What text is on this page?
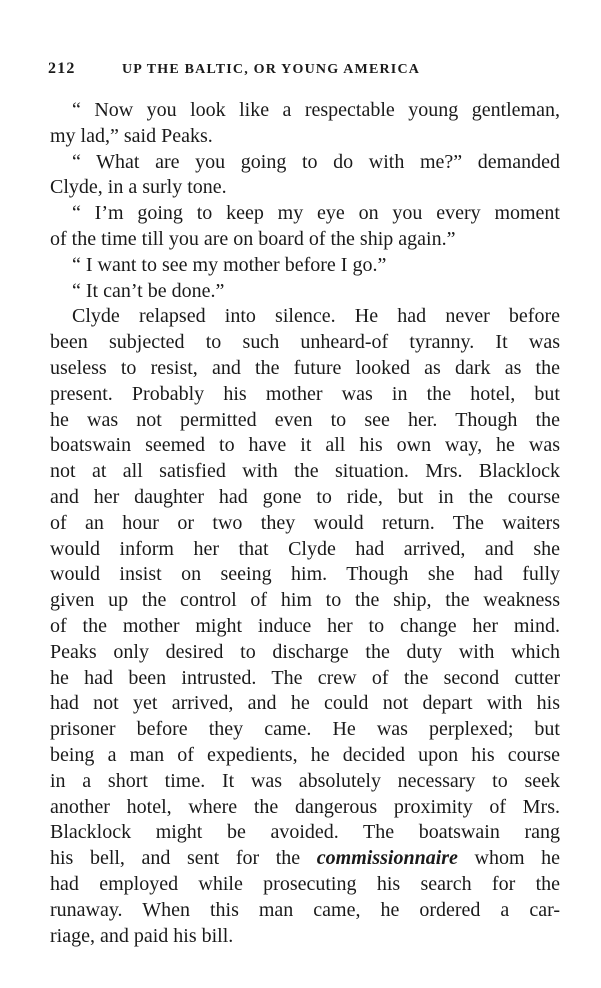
212	UP THE BALTIC, OR YOUNG AMERICA
“ Now you look like a respectable young gentleman,
my lad,” said Peaks.
“ What are you going to do with me?” demanded
Clyde, in a surly tone.
“ I’m going to keep my eye on you every moment
of the time till you are on board of the ship again.”
“ I want to see my mother before I go.”
“ It can’t be done.”
Clyde relapsed into silence. He had never before
been subjected to such unheard-of tyranny. It was
useless to resist, and the future looked as dark as the
present. Probably his mother was in the hotel, but
he was not permitted even to see her. Though the
boatswain seemed to have it all his own way, he was
not at all satisfied with the situation. Mrs. Blacklock
and her daughter had gone to ride, but in the course
of an hour or two they would return. The waiters
would inform her that Clyde had arrived, and she
would insist on seeing him. Though she had fully
given up the control of him to the ship, the weakness
of the mother might induce her to change her mind.
Peaks only desired to discharge the duty with which
he had been intrusted. The crew of the second cutter
had not yet arrived, and he could not depart with his
prisoner before they came. He was perplexed; but
being a man of expedients, he decided upon his course
in a short time. It was absolutely necessary to seek
another hotel, where the dangerous proximity of Mrs.
Blacklock might be avoided. The boatswain rang
his bell, and sent for the commissionnaire whom he
had employed while prosecuting his search for the
runaway. When this man came, he ordered a car-
riage, and paid his bill.
